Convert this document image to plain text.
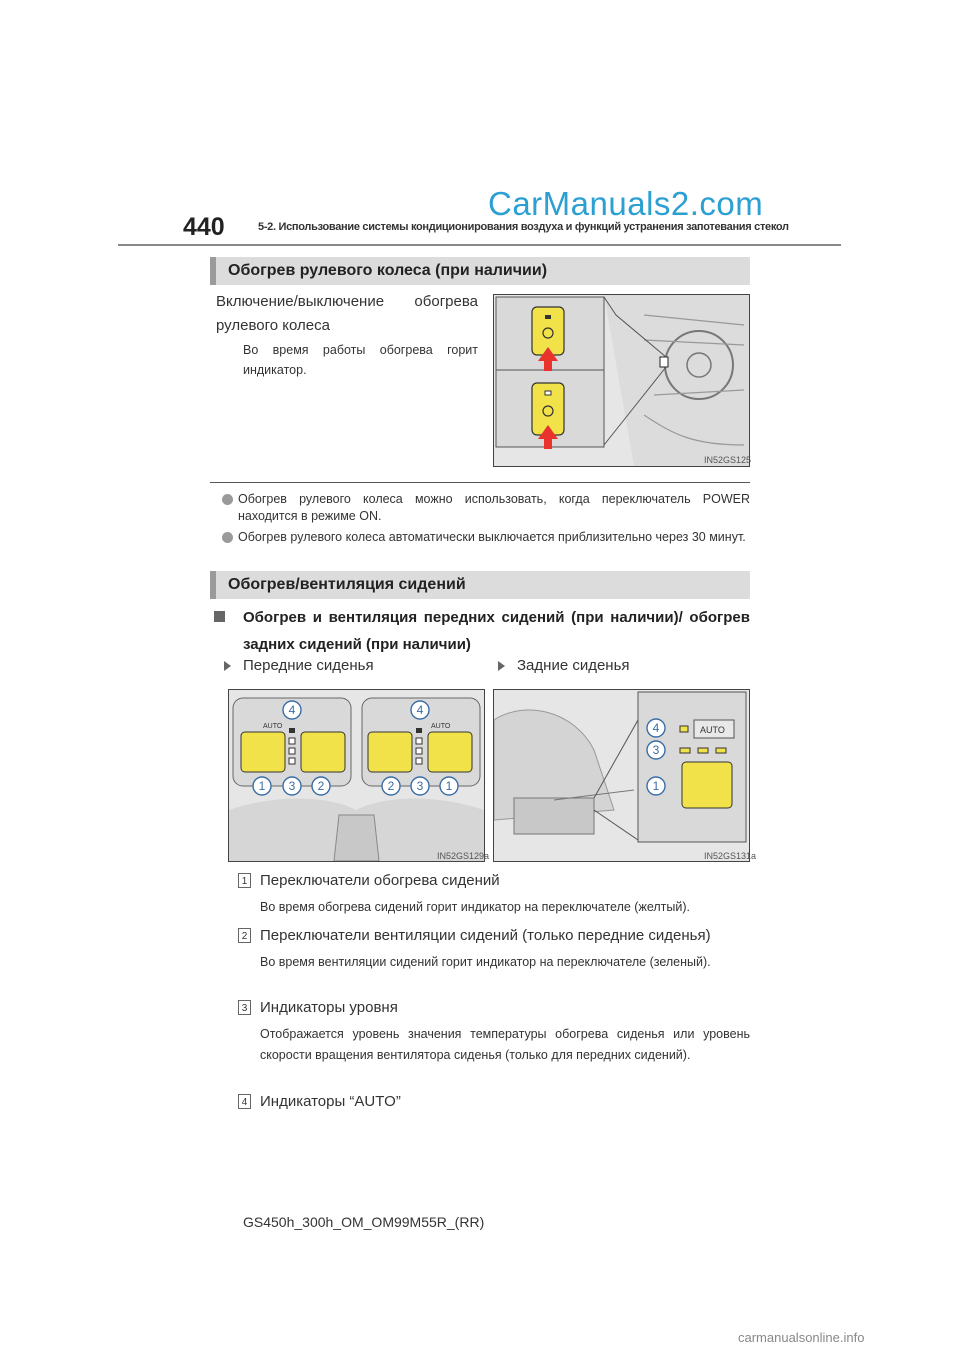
CarManuals2.com
440	5-2. Использование системы кондиционирования воздуха и функций устранения запотевания стекол
Обогрев рулевого колеса (при наличии)
Включение/выключение обогрева рулевого колеса
Во время работы обогрева горит индикатор.
IN52GS125
Обогрев рулевого колеса можно использовать, когда переключатель POWER находится в режиме ON.
Обогрев рулевого колеса автоматически выключается приблизительно через 30 минут.
Обогрев/вентиляция сидений
Обогрев и вентиляция передних сидений (при наличии)/ обогрев задних сидений (при наличии)
Передние сиденья	Задние сиденья
4	4
1 3 2	2 3 1
AUTO	AUTO
IN52GS129a
4
3
1
AUTO
IN52GS131a
1 Переключатели обогрева сидений
Во время обогрева сидений горит индикатор на переключателе (желтый).
2 Переключатели вентиляции сидений (только передние сиденья)
Во время вентиляции сидений горит индикатор на переключателе (зеленый).
3 Индикаторы уровня
Отображается уровень значения температуры обогрева сиденья или уровень скорости вращения вентилятора сиденья (только для передних сидений).
4 Индикаторы “AUTO”
GS450h_300h_OM_OM99M55R_(RR)
carmanualsonline.info
